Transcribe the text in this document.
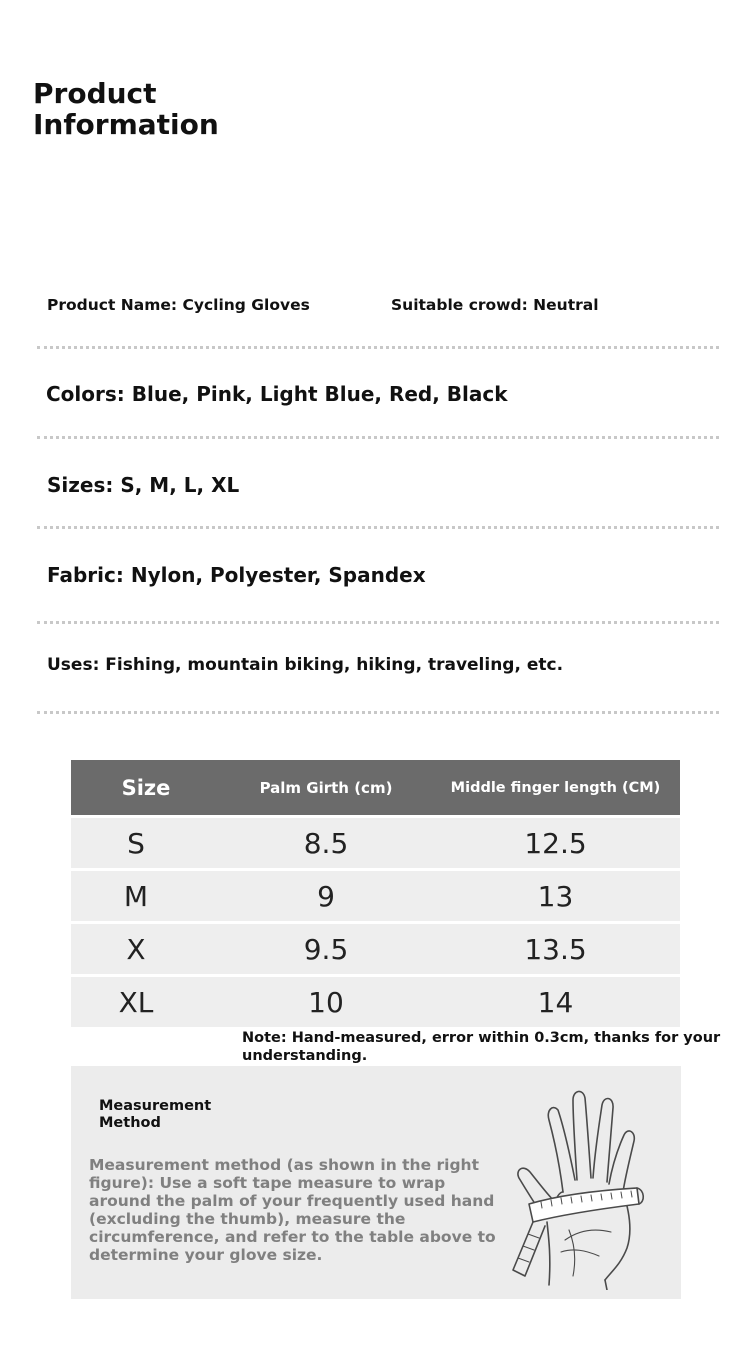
Product Information
Product Name: Cycling Gloves	Suitable crowd: Neutral
Colors: Blue, Pink, Light Blue, Red, Black
Sizes: S, M, L, XL
Fabric: Nylon, Polyester, Spandex
Uses: Fishing, mountain biking, hiking, traveling, etc.
Size	Palm Girth (cm)	Middle finger length (CM)
S	8.5	12.5
M	9	13
X	9.5	13.5
XL	10	14
Note: Hand-measured, error within 0.3cm, thanks for your understanding.
Measurement Method
Measurement method (as shown in the right figure): Use a soft tape measure to wrap around the palm of your frequently used hand (excluding the thumb), measure the circumference, and refer to the table above to determine your glove size.
